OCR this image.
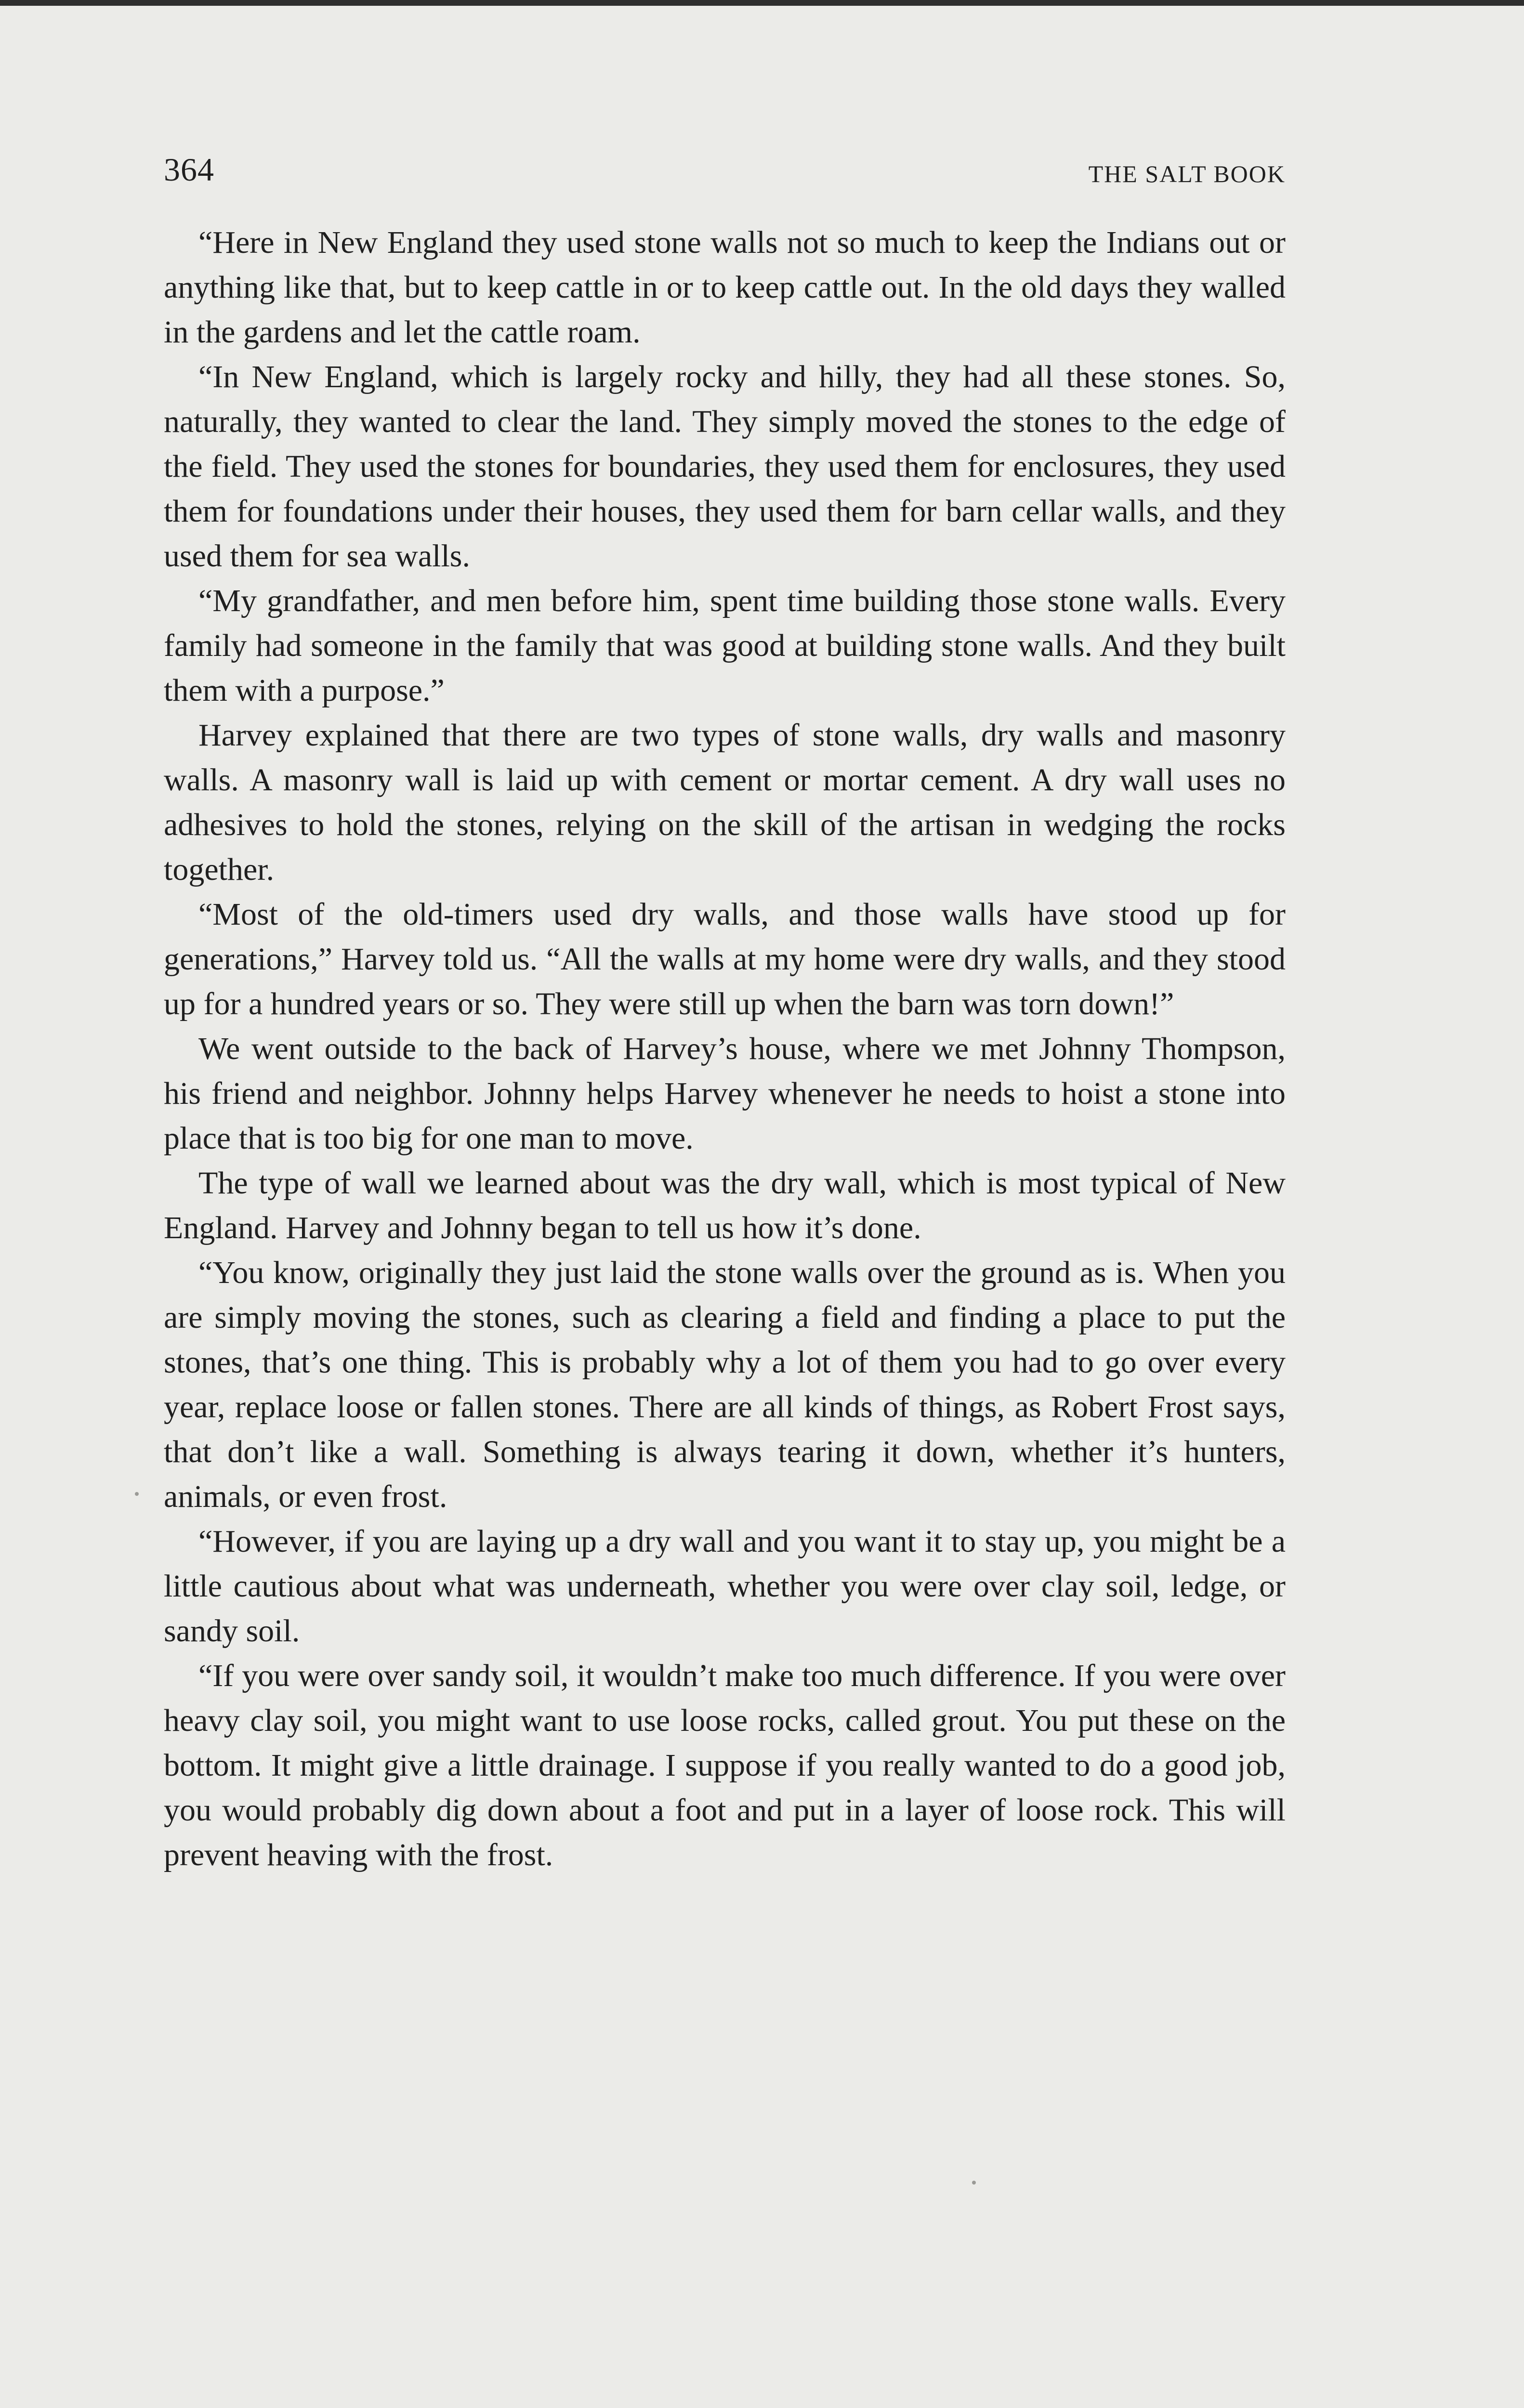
364	THE SALT BOOK

“Here in New England they used stone walls not so much to keep the Indians out or anything like that, but to keep cattle in or to keep cattle out. In the old days they walled in the gardens and let the cattle roam.

“In New England, which is largely rocky and hilly, they had all these stones. So, naturally, they wanted to clear the land. They simply moved the stones to the edge of the field. They used the stones for boundaries, they used them for enclosures, they used them for foundations under their houses, they used them for barn cellar walls, and they used them for sea walls.

“My grandfather, and men before him, spent time building those stone walls. Every family had someone in the family that was good at building stone walls. And they built them with a purpose.”

Harvey explained that there are two types of stone walls, dry walls and masonry walls. A masonry wall is laid up with cement or mortar cement. A dry wall uses no adhesives to hold the stones, relying on the skill of the artisan in wedging the rocks together.

“Most of the old-timers used dry walls, and those walls have stood up for generations,” Harvey told us. “All the walls at my home were dry walls, and they stood up for a hundred years or so. They were still up when the barn was torn down!”

We went outside to the back of Harvey’s house, where we met Johnny Thompson, his friend and neighbor. Johnny helps Harvey whenever he needs to hoist a stone into place that is too big for one man to move.

The type of wall we learned about was the dry wall, which is most typical of New England. Harvey and Johnny began to tell us how it’s done.

“You know, originally they just laid the stone walls over the ground as is. When you are simply moving the stones, such as clearing a field and finding a place to put the stones, that’s one thing. This is probably why a lot of them you had to go over every year, replace loose or fallen stones. There are all kinds of things, as Robert Frost says, that don’t like a wall. Something is always tearing it down, whether it’s hunters, animals, or even frost.

“However, if you are laying up a dry wall and you want it to stay up, you might be a little cautious about what was underneath, whether you were over clay soil, ledge, or sandy soil.

“If you were over sandy soil, it wouldn’t make too much difference. If you were over heavy clay soil, you might want to use loose rocks, called grout. You put these on the bottom. It might give a little drainage. I suppose if you really wanted to do a good job, you would probably dig down about a foot and put in a layer of loose rock. This will prevent heaving with the frost.
